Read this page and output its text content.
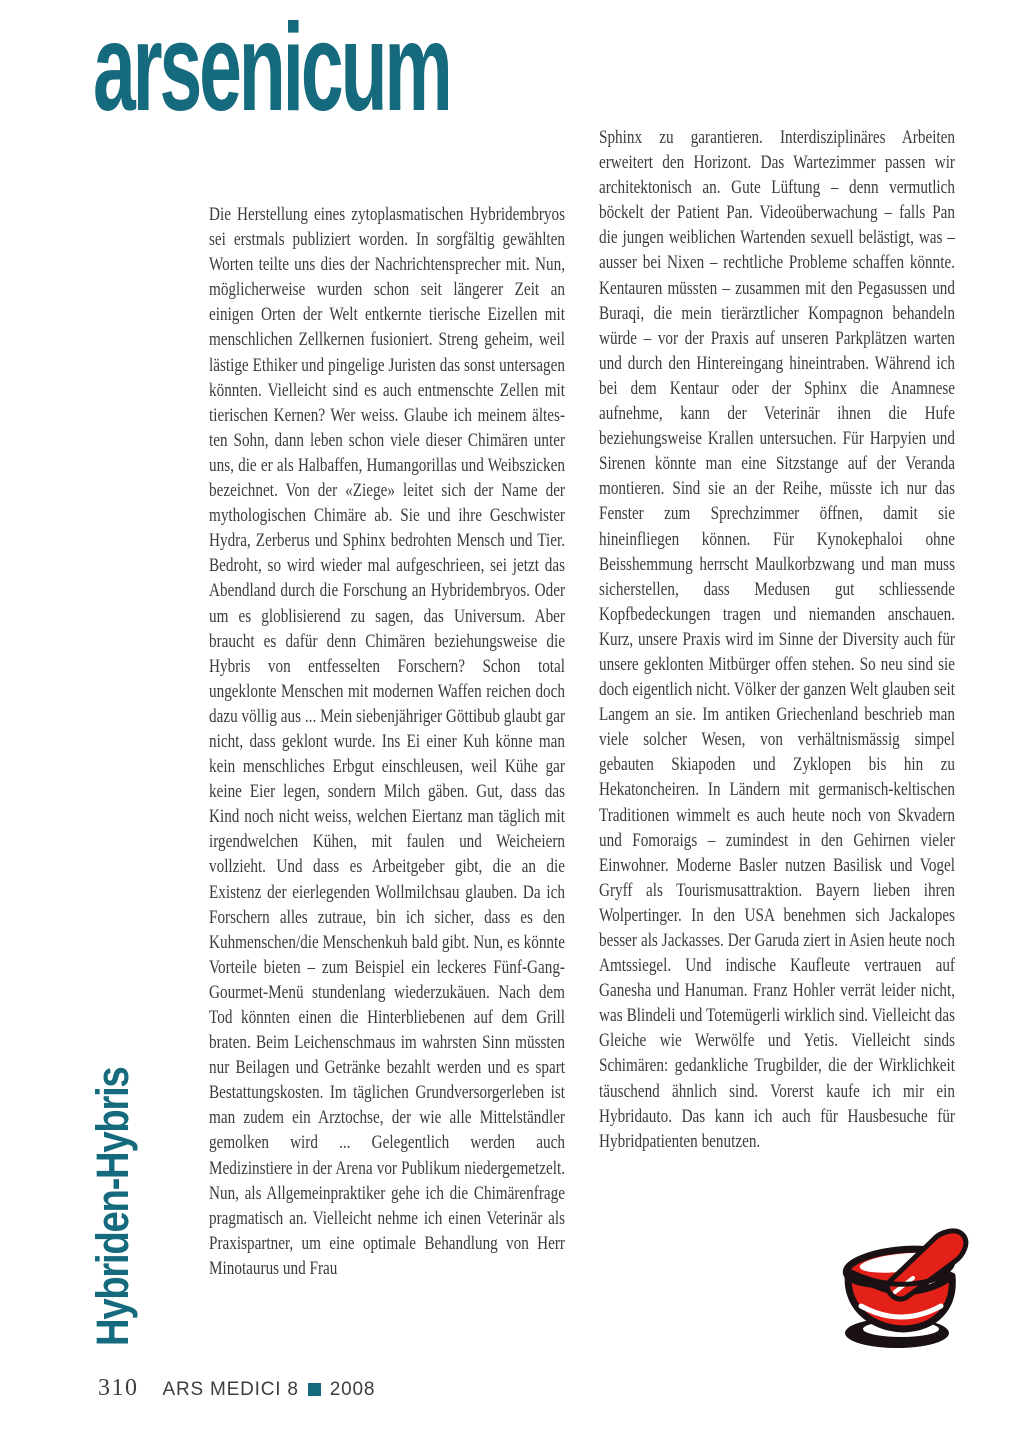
arsenicum
Hybriden-Hybris
Die Herstellung eines zytoplasmatischen Hybridembryos sei erstmals publiziert worden. In sorgfältig gewählten Worten teilte uns dies der Nachrichtensprecher mit. Nun, möglicherweise wurden schon seit längerer Zeit an einigen Orten der Welt entkernte tierische Eizellen mit menschlichen Zellkernen fusioniert. Streng geheim, weil lästige Ethiker und pingelige Juristen das sonst untersagen könnten. Vielleicht sind es auch entmenschte Zellen mit tierischen Kernen? Wer weiss. Glaube ich meinem ältesten Sohn, dann leben schon viele dieser Chimären unter uns, die er als Halbaffen, Humangorillas und Weibszicken bezeichnet. Von der «Ziege» leitet sich der Name der mythologischen Chimäre ab. Sie und ihre Geschwister Hydra, Zerberus und Sphinx bedrohten Mensch und Tier. Bedroht, so wird wieder mal aufgeschrieen, sei jetzt das Abendland durch die Forschung an Hybridembryos. Oder um es globlisierend zu sagen, das Universum. Aber braucht es dafür denn Chimären beziehungsweise die Hybris von entfesselten Forschern? Schon total ungeklonte Menschen mit modernen Waffen reichen doch dazu völlig aus ... Mein siebenjähriger Göttibub glaubt gar nicht, dass geklont wurde. Ins Ei einer Kuh könne man kein menschliches Erbgut einschleusen, weil Kühe gar keine Eier legen, sondern Milch gäben. Gut, dass das Kind noch nicht weiss, welchen Eiertanz man täglich mit irgendwelchen Kühen, mit faulen und Weicheiern vollzieht. Und dass es Arbeitgeber gibt, die an die Existenz der eierlegenden Wollmilchsau glauben. Da ich Forschern alles zutraue, bin ich sicher, dass es den Kuhmenschen/die Menschenkuh bald gibt. Nun, es könnte Vorteile bieten – zum Beispiel ein leckeres Fünf-Gang-Gourmet-Menü stundenlang wiederzukäuen. Nach dem Tod könnten einen die Hinterbliebenen auf dem Grill braten. Beim Leichenschmaus im wahrsten Sinn müssten nur Beilagen und Getränke bezahlt werden und es spart Bestattungskosten. Im täglichen Grundversorgerleben ist man zudem ein Arztochse, der wie alle Mittelständler gemolken wird ... Gelegentlich werden auch Medizinstiere in der Arena vor Publikum niedergemetzelt. Nun, als Allgemeinpraktiker gehe ich die Chimärenfrage pragmatisch an. Vielleicht nehme ich einen Veterinär als Praxispartner, um eine optimale Behandlung von Herr Minotaurus und Frau
Sphinx zu garantieren. Interdisziplinäres Arbeiten erweitert den Horizont. Das Wartezimmer passen wir architektonisch an. Gute Lüftung – denn vermutlich böckelt der Patient Pan. Videoüberwachung – falls Pan die jungen weiblichen Wartenden sexuell belästigt, was – ausser bei Nixen – rechtliche Probleme schaffen könnte. Kentauren müssten – zusammen mit den Pegasussen und Buraqi, die mein tierärztlicher Kompagnon behandeln würde – vor der Praxis auf unseren Parkplätzen warten und durch den Hintereingang hineintraben. Während ich bei dem Kentaur oder der Sphinx die Anamnese aufnehme, kann der Veterinär ihnen die Hufe beziehungsweise Krallen untersuchen. Für Harpyien und Sirenen könnte man eine Sitzstange auf der Veranda montieren. Sind sie an der Reihe, müsste ich nur das Fenster zum Sprechzimmer öffnen, damit sie hineinfliegen können. Für Kynokephaloi ohne Beisshemmung herrscht Maulkorbzwang und man muss sicherstellen, dass Medusen gut schliessende Kopfbedeckungen tragen und niemanden anschauen. Kurz, unsere Praxis wird im Sinne der Diversity auch für unsere geklonten Mitbürger offen stehen. So neu sind sie doch eigentlich nicht. Völker der ganzen Welt glauben seit Langem an sie. Im antiken Griechenland beschrieb man viele solcher Wesen, von verhältnismässig simpel gebauten Skiapoden und Zyklopen bis hin zu Hekatoncheiren. In Ländern mit germanisch-keltischen Traditionen wimmelt es auch heute noch von Skvadern und Fomoraigs – zumindest in den Gehirnen vieler Einwohner. Moderne Basler nutzen Basilisk und Vogel Gryff als Tourismusattraktion. Bayern lieben ihren Wolpertinger. In den USA benehmen sich Jackalopes besser als Jackasses. Der Garuda ziert in Asien heute noch Amtssiegel. Und indische Kaufleute vertrauen auf Ganesha und Hanuman. Franz Hohler verrät leider nicht, was Blindeli und Totemügerli wirklich sind. Vielleicht das Gleiche wie Werwölfe und Yetis. Vielleicht sinds Schimären: gedankliche Trugbilder, die der Wirklichkeit täuschend ähnlich sind. Vorerst kaufe ich mir ein Hybridauto. Das kann ich auch für Hausbesuche für Hybridpatienten benutzen.
310 ARS MEDICI 8 2008
